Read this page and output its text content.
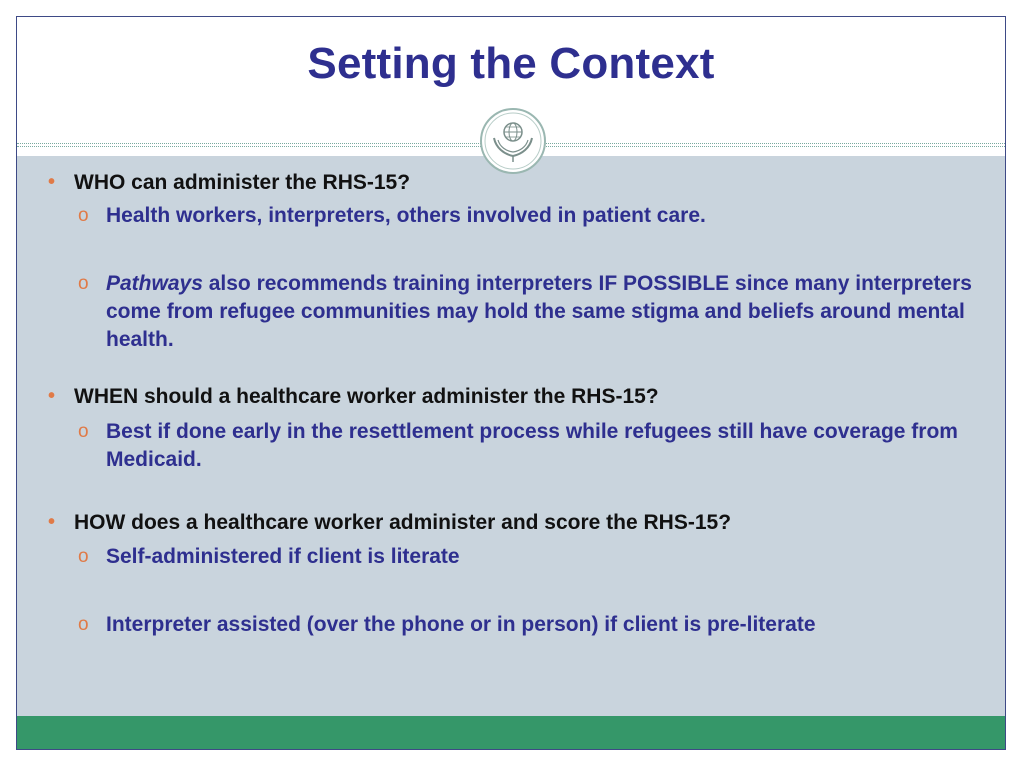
Setting the Context
• WHO can administer the RHS-15?
o Health workers, interpreters, others involved in patient care.
o Pathways also recommends training interpreters IF POSSIBLE since many interpreters come from refugee communities may hold the same stigma and beliefs around mental health.
• WHEN should a healthcare worker administer the RHS-15?
o Best if done early in the resettlement process while refugees still have coverage from Medicaid.
• HOW does a healthcare worker administer and score the RHS-15?
o Self-administered if client is literate
o Interpreter assisted (over the phone or in person) if client is pre-literate
